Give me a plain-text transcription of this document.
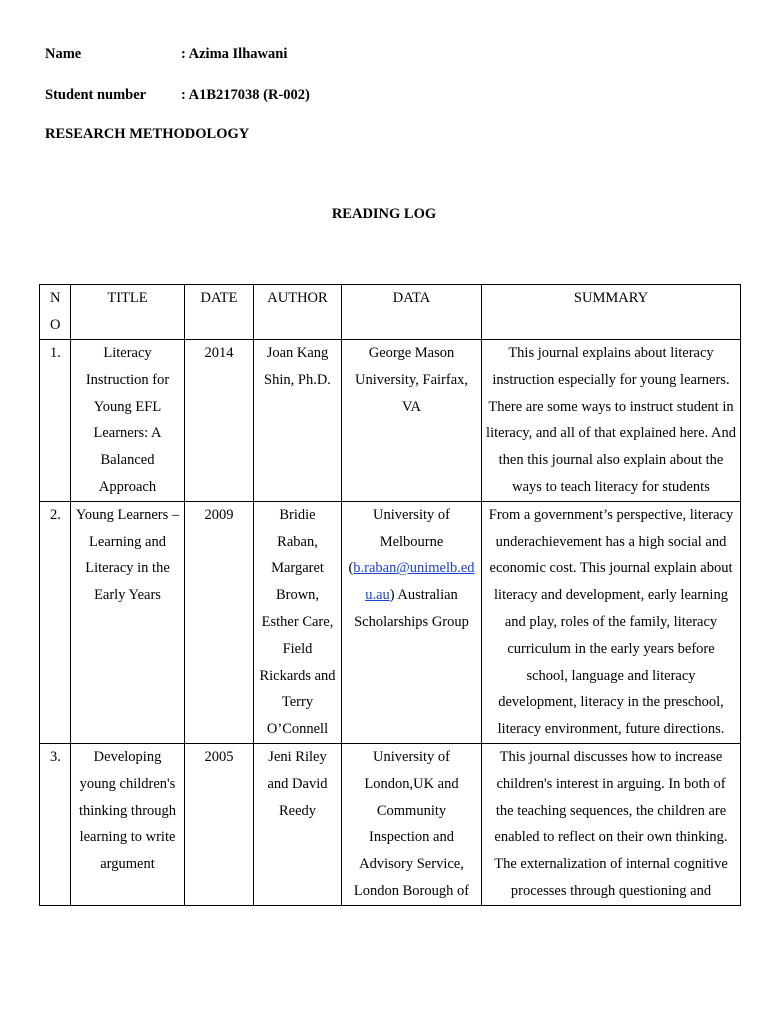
Name	: Azima Ilhawani
Student number : A1B217038 (R-002)
RESEARCH METHODOLOGY
READING LOG
N O	TITLE	DATE	AUTHOR	DATA	SUMMARY
1.	Literacy Instruction for Young EFL Learners: A Balanced Approach	2014	Joan Kang Shin, Ph.D.	George Mason University, Fairfax, VA	This journal explains about literacy instruction especially for young learners. There are some ways to instruct student in literacy, and all of that explained here. And then this journal also explain about the ways to teach literacy for students
2.	Young Learners – Learning and Literacy in the Early Years	2009	Bridie Raban, Margaret Brown, Esther Care, Field Rickards and Terry O’Connell	University of Melbourne (b.raban@unimelb.edu.au) Australian Scholarships Group	From a government’s perspective, literacy underachievement has a high social and economic cost. This journal explain about literacy and development, early learning and play, roles of the family, literacy curriculum in the early years before school, language and literacy development, literacy in the preschool, literacy environment, future directions.
3.	Developing young children's thinking through learning to write argument	2005	Jeni Riley and David Reedy	University of London,UK and Community Inspection and Advisory Service, London Borough of	This journal discusses how to increase children's interest in arguing. In both of the teaching sequences, the children are enabled to reflect on their own thinking. The externalization of internal cognitive processes through questioning and
